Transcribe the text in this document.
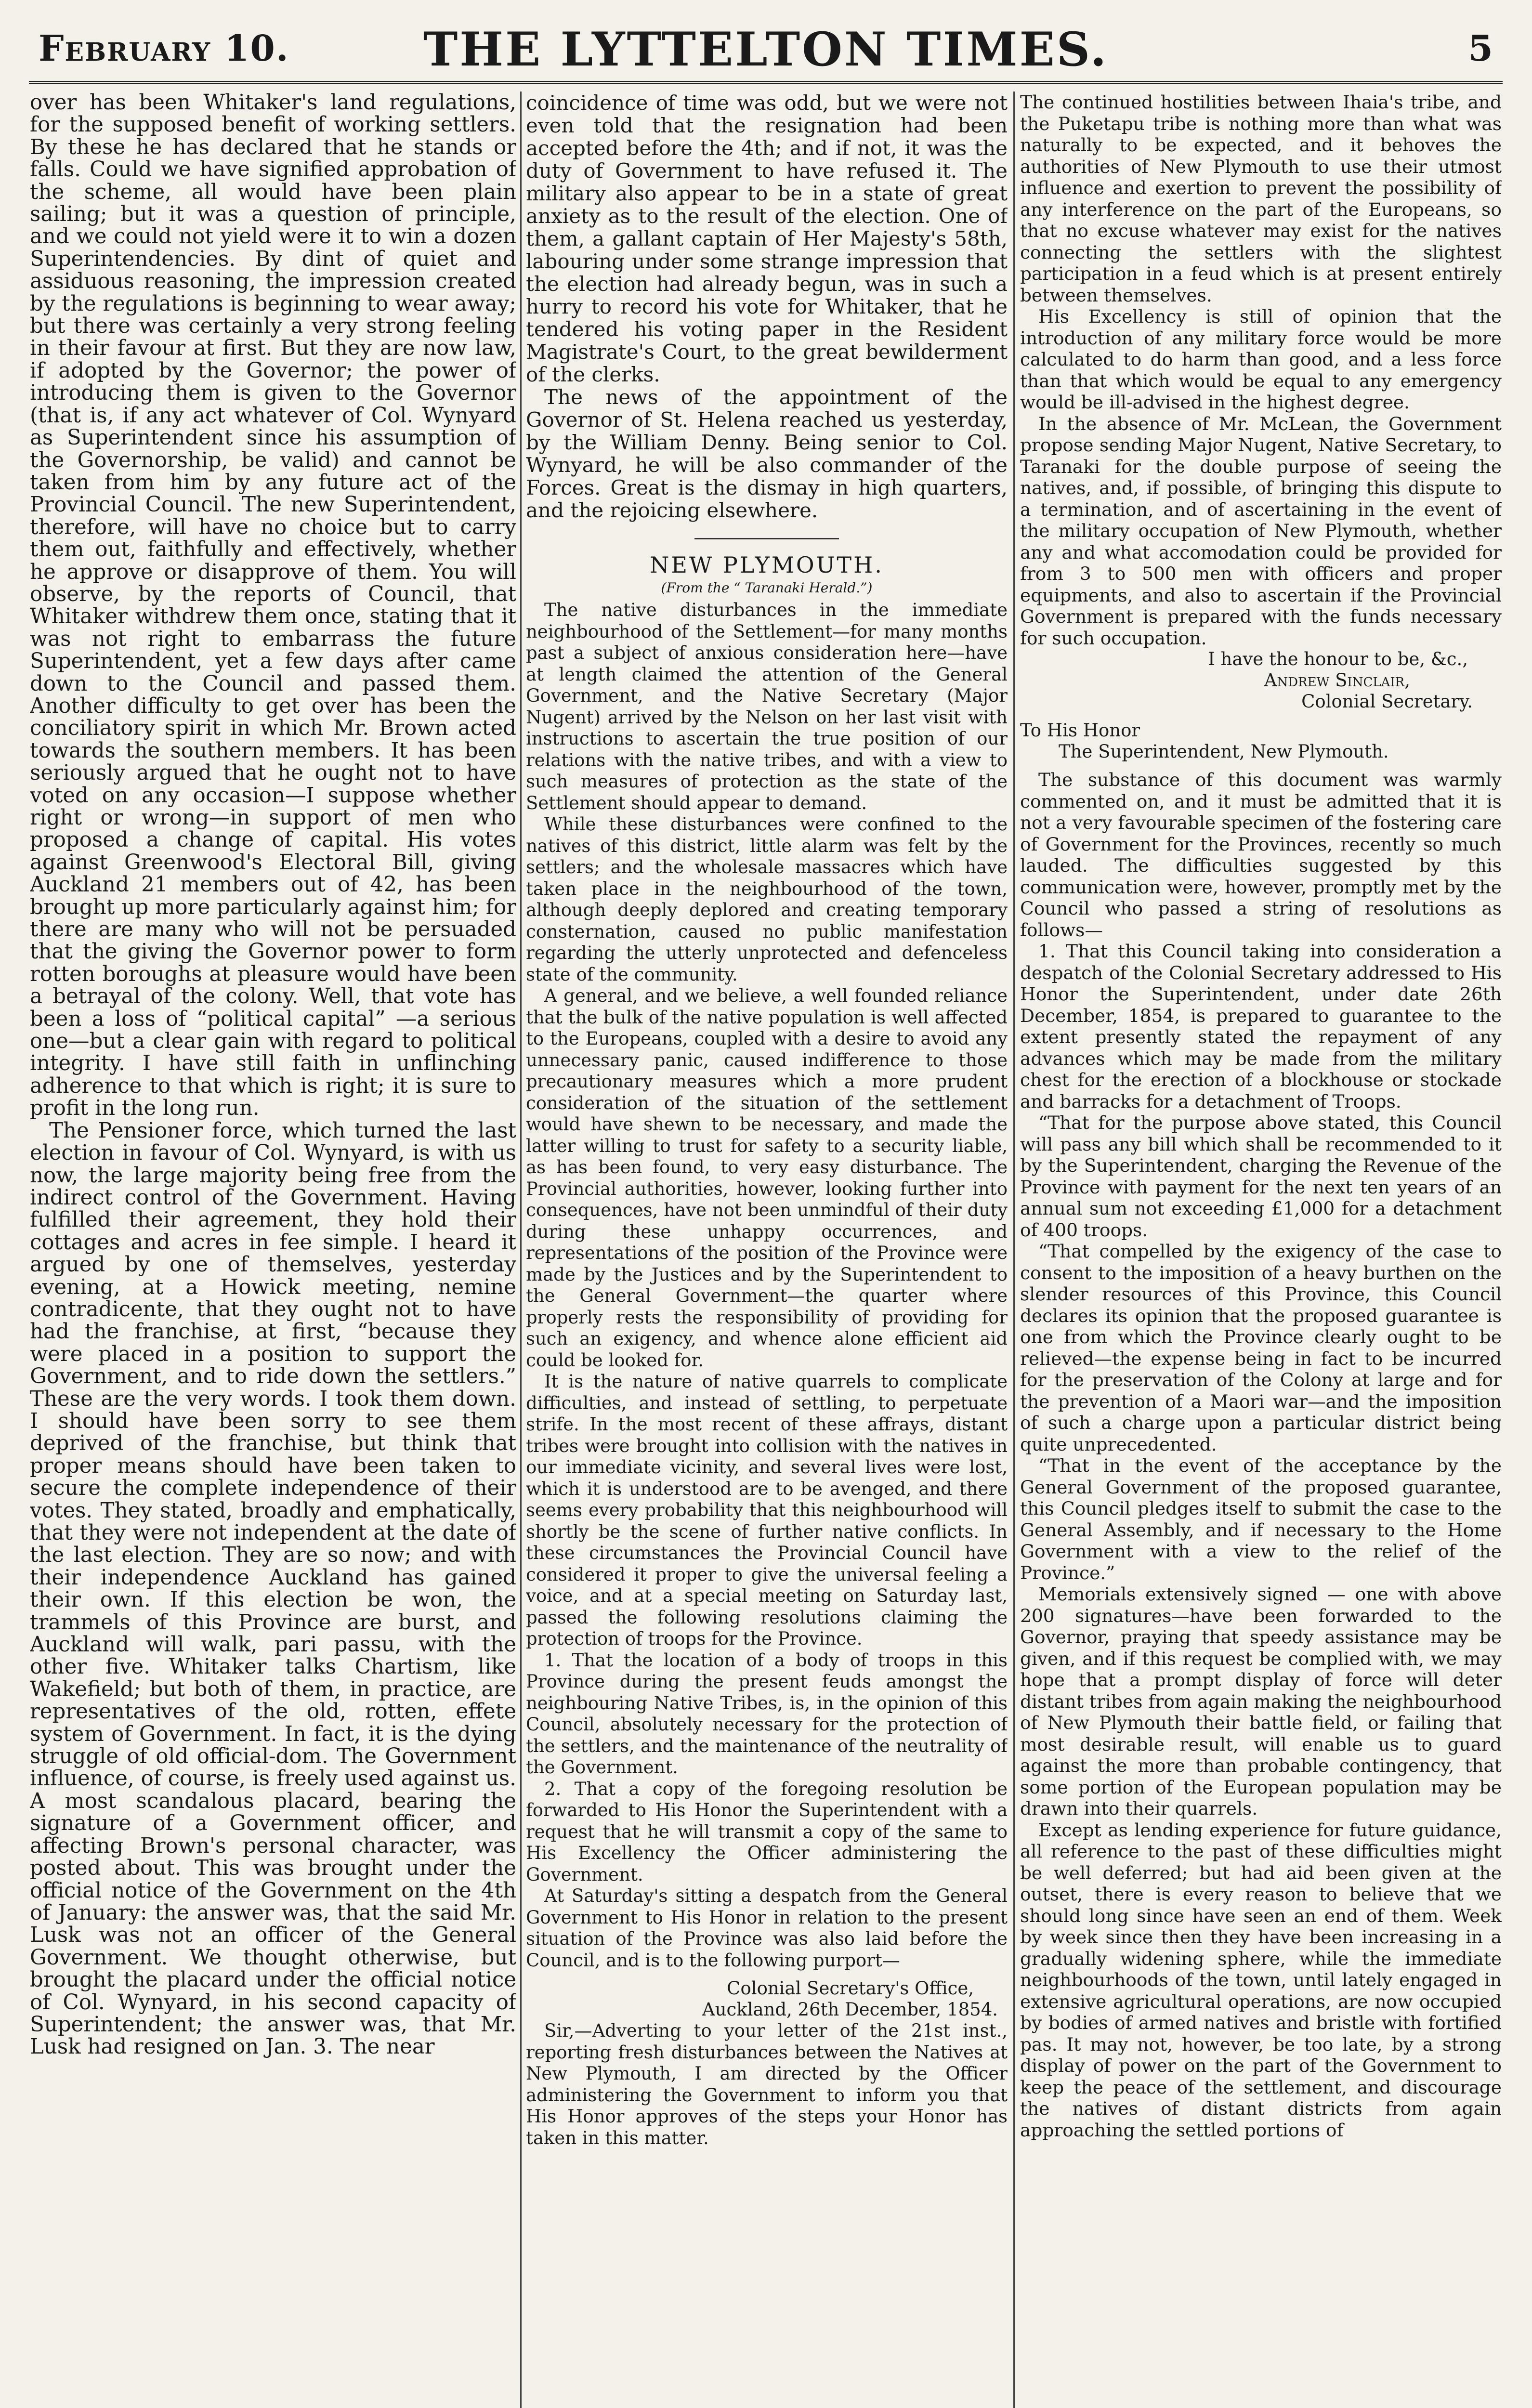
February 10.	THE LYTTELTON TIMES.	5

over has been Whitaker's land regulations, for the supposed benefit of working settlers. By these he has declared that he stands or falls. Could we have signified approbation of the scheme, all would have been plain sailing; but it was a question of principle, and we could not yield were it to win a dozen Superintendencies. By dint of quiet and assiduous reasoning, the impression created by the regulations is beginning to wear away; but there was certainly a very strong feeling in their favour at first. But they are now law, if adopted by the Governor; the power of introducing them is given to the Governor (that is, if any act whatever of Col. Wynyard as Superintendent since his assumption of the Governorship, be valid) and cannot be taken from him by any future act of the Provincial Council. The new Superintendent, therefore, will have no choice but to carry them out, faithfully and effectively, whether he approve or disapprove of them. You will observe, by the reports of Council, that Whitaker withdrew them once, stating that it was not right to embarrass the future Superintendent, yet a few days after came down to the Council and passed them. Another difficulty to get over has been the conciliatory spirit in which Mr. Brown acted towards the southern members. It has been seriously argued that he ought not to have voted on any occasion—I suppose whether right or wrong—in support of men who proposed a change of capital. His votes against Greenwood's Electoral Bill, giving Auckland 21 members out of 42, has been brought up more particularly against him; for there are many who will not be persuaded that the giving the Governor power to form rotten boroughs at pleasure would have been a betrayal of the colony. Well, that vote has been a loss of “political capital” —a serious one—but a clear gain with regard to political integrity. I have still faith in unflinching adherence to that which is right; it is sure to profit in the long run.

The Pensioner force, which turned the last election in favour of Col. Wynyard, is with us now, the large majority being free from the indirect control of the Government. Having fulfilled their agreement, they hold their cottages and acres in fee simple. I heard it argued by one of themselves, yesterday evening, at a Howick meeting, nemine contradicente, that they ought not to have had the franchise, at first, “because they were placed in a position to support the Government, and to ride down the settlers.” These are the very words. I took them down. I should have been sorry to see them deprived of the franchise, but think that proper means should have been taken to secure the complete independence of their votes. They stated, broadly and emphatically, that they were not independent at the date of the last election. They are so now; and with their independence Auckland has gained their own. If this election be won, the trammels of this Province are burst, and Auckland will walk, pari passu, with the other five. Whitaker talks Chartism, like Wakefield; but both of them, in practice, are representatives of the old, rotten, effete system of Government. In fact, it is the dying struggle of old official-dom. The Government influence, of course, is freely used against us. A most scandalous placard, bearing the signature of a Government officer, and affecting Brown's personal character, was posted about. This was brought under the official notice of the Government on the 4th of January: the answer was, that the said Mr. Lusk was not an officer of the General Government. We thought otherwise, but brought the placard under the official notice of Col. Wynyard, in his second capacity of Superintendent; the answer was, that Mr. Lusk had resigned on Jan. 3. The near

coincidence of time was odd, but we were not even told that the resignation had been accepted before the 4th; and if not, it was the duty of Government to have refused it. The military also appear to be in a state of great anxiety as to the result of the election. One of them, a gallant captain of Her Majesty's 58th, labouring under some strange impression that the election had already begun, was in such a hurry to record his vote for Whitaker, that he tendered his voting paper in the Resident Magistrate's Court, to the great bewilderment of the clerks.

The news of the appointment of the Governor of St. Helena reached us yesterday, by the William Denny. Being senior to Col. Wynyard, he will be also commander of the Forces. Great is the dismay in high quarters, and the rejoicing elsewhere.

NEW PLYMOUTH.
(From the “ Taranaki Herald.”)

The native disturbances in the immediate neighbourhood of the Settlement—for many months past a subject of anxious consideration here—have at length claimed the attention of the General Government, and the Native Secretary (Major Nugent) arrived by the Nelson on her last visit with instructions to ascertain the true position of our relations with the native tribes, and with a view to such measures of protection as the state of the Settlement should appear to demand.

While these disturbances were confined to the natives of this district, little alarm was felt by the settlers; and the wholesale massacres which have taken place in the neighbourhood of the town, although deeply deplored and creating temporary consternation, caused no public manifestation regarding the utterly unprotected and defenceless state of the community.

A general, and we believe, a well founded reliance that the bulk of the native population is well affected to the Europeans, coupled with a desire to avoid any unnecessary panic, caused indifference to those precautionary measures which a more prudent consideration of the situation of the settlement would have shewn to be necessary, and made the latter willing to trust for safety to a security liable, as has been found, to very easy disturbance. The Provincial authorities, however, looking further into consequences, have not been unmindful of their duty during these unhappy occurrences, and representations of the position of the Province were made by the Justices and by the Superintendent to the General Government—the quarter where properly rests the responsibility of providing for such an exigency, and whence alone efficient aid could be looked for.

It is the nature of native quarrels to complicate difficulties, and instead of settling, to perpetuate strife. In the most recent of these affrays, distant tribes were brought into collision with the natives in our immediate vicinity, and several lives were lost, which it is understood are to be avenged, and there seems every probability that this neighbourhood will shortly be the scene of further native conflicts. In these circumstances the Provincial Council have considered it proper to give the universal feeling a voice, and at a special meeting on Saturday last, passed the following resolutions claiming the protection of troops for the Province.

1. That the location of a body of troops in this Province during the present feuds amongst the neighbouring Native Tribes, is, in the opinion of this Council, absolutely necessary for the protection of the settlers, and the maintenance of the neutrality of the Government.

2. That a copy of the foregoing resolution be forwarded to His Honor the Superintendent with a request that he will transmit a copy of the same to His Excellency the Officer administering the Government.

At Saturday's sitting a despatch from the General Government to His Honor in relation to the present situation of the Province was also laid before the Council, and is to the following purport—

Colonial Secretary's Office,
Auckland, 26th December, 1854.

Sir,—Adverting to your letter of the 21st inst., reporting fresh disturbances between the Natives at New Plymouth, I am directed by the Officer administering the Government to inform you that His Honor approves of the steps your Honor has taken in this matter.

The continued hostilities between Ihaia's tribe, and the Puketapu tribe is nothing more than what was naturally to be expected, and it behoves the authorities of New Plymouth to use their utmost influence and exertion to prevent the possibility of any interference on the part of the Europeans, so that no excuse whatever may exist for the natives connecting the settlers with the slightest participation in a feud which is at present entirely between themselves.

His Excellency is still of opinion that the introduction of any military force would be more calculated to do harm than good, and a less force than that which would be equal to any emergency would be ill-advised in the highest degree.

In the absence of Mr. McLean, the Government propose sending Major Nugent, Native Secretary, to Taranaki for the double purpose of seeing the natives, and, if possible, of bringing this dispute to a termination, and of ascertaining in the event of the military occupation of New Plymouth, whether any and what accomodation could be provided for from 3 to 500 men with officers and proper equipments, and also to ascertain if the Provincial Government is prepared with the funds necessary for such occupation.

I have the honour to be, &c.,
Andrew Sinclair,
Colonial Secretary.
To His Honor
The Superintendent, New Plymouth.

The substance of this document was warmly commented on, and it must be admitted that it is not a very favourable specimen of the fostering care of Government for the Provinces, recently so much lauded. The difficulties suggested by this communication were, however, promptly met by the Council who passed a string of resolutions as follows—

1. That this Council taking into consideration a despatch of the Colonial Secretary addressed to His Honor the Superintendent, under date 26th December, 1854, is prepared to guarantee to the extent presently stated the repayment of any advances which may be made from the military chest for the erection of a blockhouse or stockade and barracks for a detachment of Troops.

“That for the purpose above stated, this Council will pass any bill which shall be recommended to it by the Superintendent, charging the Revenue of the Province with payment for the next ten years of an annual sum not exceeding £1,000 for a detachment of 400 troops.

“That compelled by the exigency of the case to consent to the imposition of a heavy burthen on the slender resources of this Province, this Council declares its opinion that the proposed guarantee is one from which the Province clearly ought to be relieved—the expense being in fact to be incurred for the preservation of the Colony at large and for the prevention of a Maori war—and the imposition of such a charge upon a particular district being quite unprecedented.

“That in the event of the acceptance by the General Government of the proposed guarantee, this Council pledges itself to submit the case to the General Assembly, and if necessary to the Home Government with a view to the relief of the Province.”

Memorials extensively signed — one with above 200 signatures—have been forwarded to the Governor, praying that speedy assistance may be given, and if this request be complied with, we may hope that a prompt display of force will deter distant tribes from again making the neighbourhood of New Plymouth their battle field, or failing that most desirable result, will enable us to guard against the more than probable contingency, that some portion of the European population may be drawn into their quarrels.

Except as lending experience for future guidance, all reference to the past of these difficulties might be well deferred; but had aid been given at the outset, there is every reason to believe that we should long since have seen an end of them. Week by week since then they have been increasing in a gradually widening sphere, while the immediate neighbourhoods of the town, until lately engaged in extensive agricultural operations, are now occupied by bodies of armed natives and bristle with fortified pas. It may not, however, be too late, by a strong display of power on the part of the Government to keep the peace of the settlement, and discourage the natives of distant districts from again approaching the settled portions of
